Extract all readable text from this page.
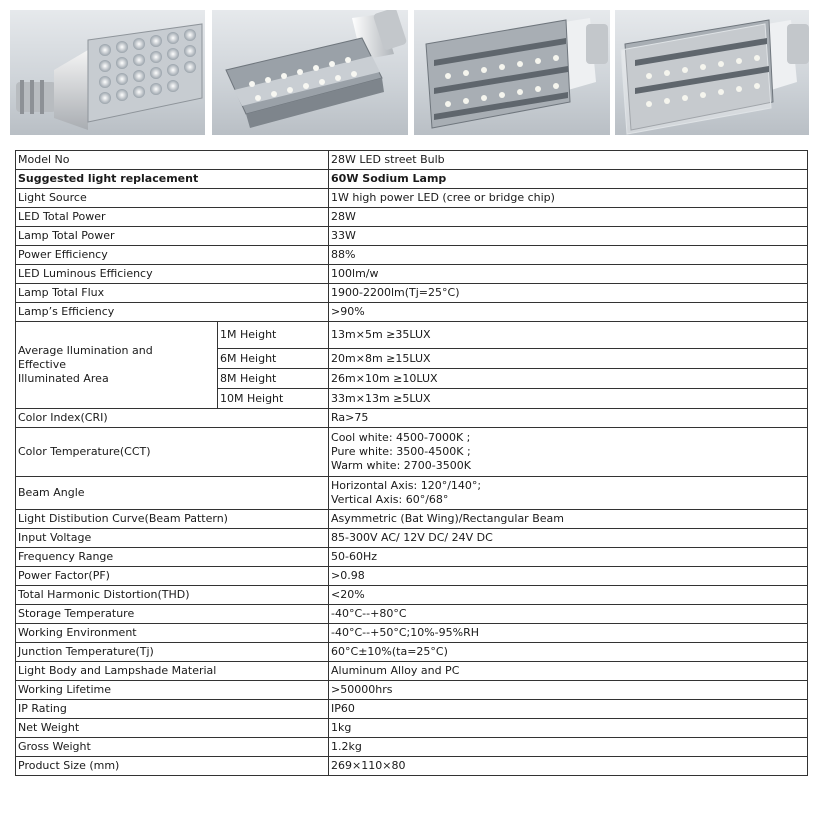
Model No		28W LED street Bulb
Suggested light replacement		60W Sodium Lamp
Light Source		1W high power LED (cree or bridge chip)
LED Total Power		28W
Lamp Total Power		33W
Power Efficiency		88%
LED Luminous Efficiency		100lm/w
Lamp Total Flux		1900-2200lm(Tj=25°C)
Lamp’s Efficiency		>90%

Average Ilumination and
Effective
Illuminated Area	1M Height	13m×5m ≥35LUX
	6M Height	20m×8m ≥15LUX
	8M Height	26m×10m ≥10LUX
	10M Height	33m×13m ≥5LUX
Color Index(CRI)		Ra>75
Color Temperature(CCT)		Cool white: 4500-7000K ;
Pure white: 3500-4500K ;
Warm white: 2700-3500K

Beam Angle		Horizontal Axis: 120°/140°;
Vertical Axis: 60°/68°

Light Distibution Curve(Beam Pattern)		Asymmetric (Bat Wing)/Rectangular Beam
Input Voltage		85-300V AC/ 12V DC/ 24V DC
Frequency Range		50-60Hz
Power Factor(PF)		>0.98
Total Harmonic Distortion(THD)		<20%
Storage Temperature		-40°C--+80°C
Working Environment		-40°C--+50°C;10%-95%RH
Junction Temperature(Tj)		60°C±10%(ta=25°C)
Light Body and Lampshade Material		Aluminum Alloy and PC
Working Lifetime		>50000hrs
IP Rating		IP60
Net Weight		1kg
Gross Weight		1.2kg
Product Size (mm)		269×110×80
